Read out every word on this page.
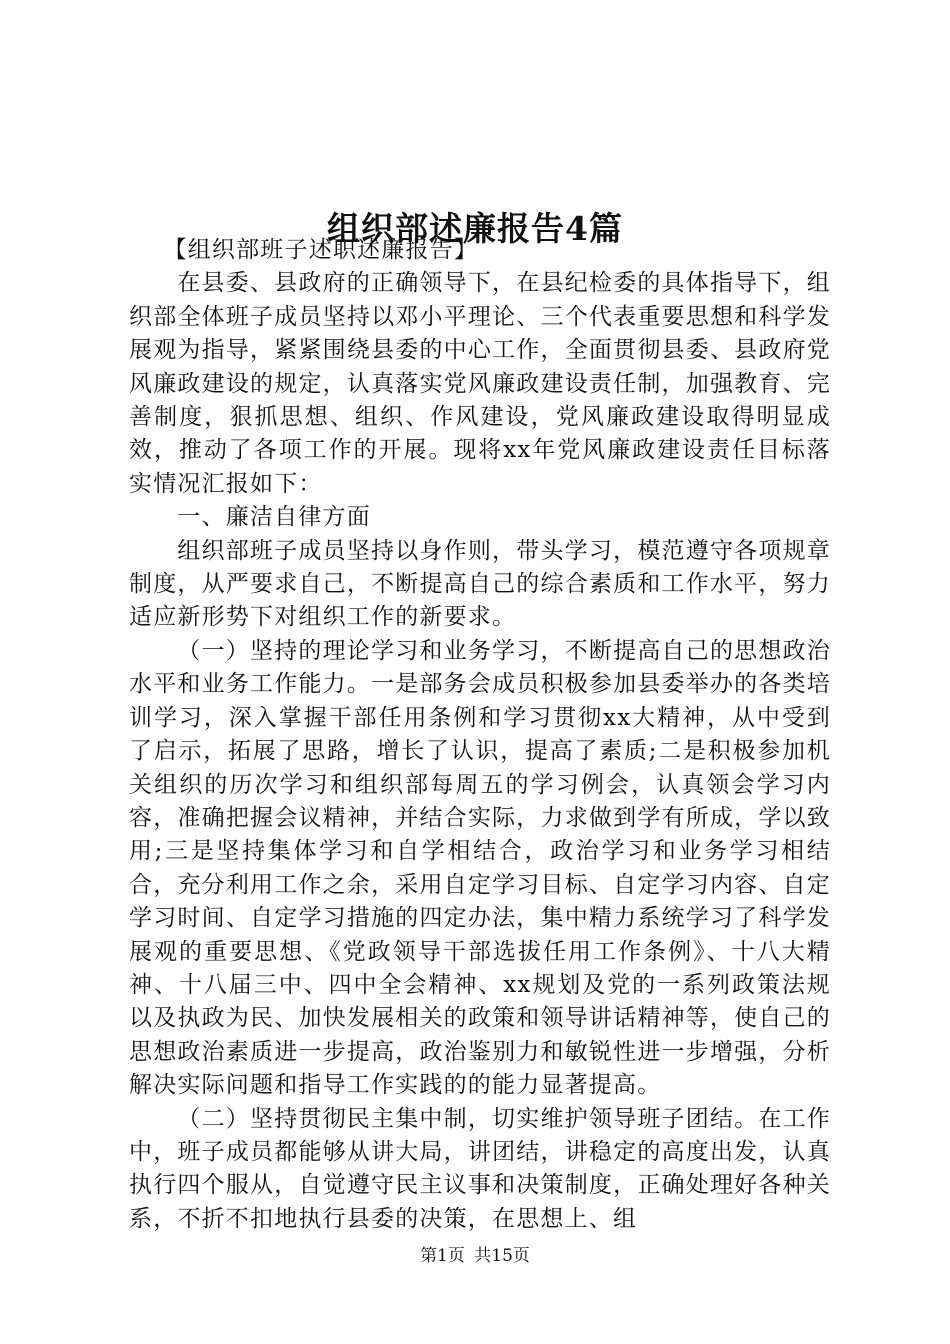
组织部述廉报告4篇

【组织部班子述职述廉报告】

在县委、县政府的正确领导下，在县纪检委的具体指导下，组织部全体班子成员坚持以邓小平理论、三个代表重要思想和科学发展观为指导，紧紧围绕县委的中心工作，全面贯彻县委、县政府党风廉政建设的规定，认真落实党风廉政建设责任制，加强教育、完善制度，狠抓思想、组织、作风建设，党风廉政建设取得明显成效，推动了各项工作的开展。现将xx年党风廉政建设责任目标落实情况汇报如下：

一、廉洁自律方面

组织部班子成员坚持以身作则，带头学习，模范遵守各项规章制度，从严要求自己，不断提高自己的综合素质和工作水平，努力适应新形势下对组织工作的新要求。

（一）坚持的理论学习和业务学习，不断提高自己的思想政治水平和业务工作能力。一是部务会成员积极参加县委举办的各类培训学习，深入掌握干部任用条例和学习贯彻xx大精神，从中受到了启示，拓展了思路，增长了认识，提高了素质;二是积极参加机关组织的历次学习和组织部每周五的学习例会，认真领会学习内容，准确把握会议精神，并结合实际，力求做到学有所成，学以致用;三是坚持集体学习和自学相结合，政治学习和业务学习相结合，充分利用工作之余，采用自定学习目标、自定学习内容、自定学习时间、自定学习措施的四定办法，集中精力系统学习了科学发展观的重要思想、《党政领导干部选拔任用工作条例》、十八大精神、十八届三中、四中全会精神、xx规划及党的一系列政策法规以及执政为民、加快发展相关的政策和领导讲话精神等，使自己的思想政治素质进一步提高，政治鉴别力和敏锐性进一步增强，分析解决实际问题和指导工作实践的的能力显著提高。

（二）坚持贯彻民主集中制，切实维护领导班子团结。在工作中，班子成员都能够从讲大局，讲团结，讲稳定的高度出发，认真执行四个服从，自觉遵守民主议事和决策制度，正确处理好各种关系，不折不扣地执行县委的决策，在思想上、组

第1页 共15页
